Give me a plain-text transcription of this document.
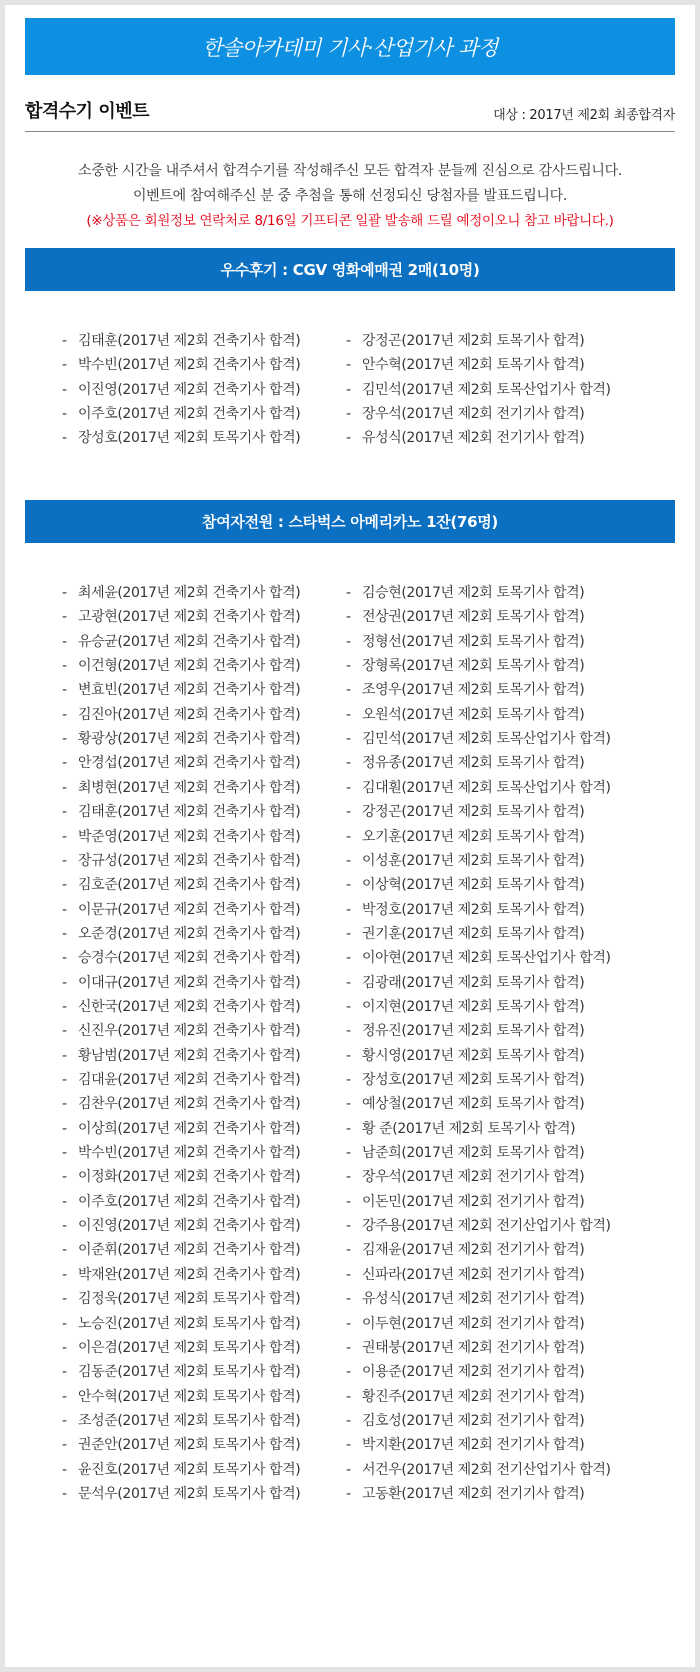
한솔아카데미 기사·산업기사 과정
합격수기 이벤트	대상 : 2017년 제2회 최종합격자
소중한 시간을 내주셔서 합격수기를 작성해주신 모든 합격자 분들께 진심으로 감사드립니다.
이벤트에 참여해주신 분 중 추첨을 통해 선정되신 당첨자를 발표드립니다.
(※상품은 회원정보 연락처로 8/16일 기프티콘 일괄 발송해 드릴 예정이오니 참고 바랍니다.)
우수후기 : CGV 영화예매권 2매(10명)
- 김태훈(2017년 제2회 건축기사 합격)
- 박수빈(2017년 제2회 건축기사 합격)
- 이진영(2017년 제2회 건축기사 합격)
- 이주호(2017년 제2회 건축기사 합격)
- 장성호(2017년 제2회 토목기사 합격)
- 강정곤(2017년 제2회 토목기사 합격)
- 안수혁(2017년 제2회 토목기사 합격)
- 김민석(2017년 제2회 토목산업기사 합격)
- 장우석(2017년 제2회 전기기사 합격)
- 유성식(2017년 제2회 전기기사 합격)
참여자전원 : 스타벅스 아메리카노 1잔(76명)
- 최세윤(2017년 제2회 건축기사 합격)
- 고광현(2017년 제2회 건축기사 합격)
- 유승균(2017년 제2회 건축기사 합격)
- 이건형(2017년 제2회 건축기사 합격)
- 변효빈(2017년 제2회 건축기사 합격)
- 김진아(2017년 제2회 건축기사 합격)
- 황광상(2017년 제2회 건축기사 합격)
- 안경섭(2017년 제2회 건축기사 합격)
- 최병현(2017년 제2회 건축기사 합격)
- 김태훈(2017년 제2회 건축기사 합격)
- 박준영(2017년 제2회 건축기사 합격)
- 장규성(2017년 제2회 건축기사 합격)
- 김호준(2017년 제2회 건축기사 합격)
- 이문규(2017년 제2회 건축기사 합격)
- 오준경(2017년 제2회 건축기사 합격)
- 승경수(2017년 제2회 건축기사 합격)
- 이대규(2017년 제2회 건축기사 합격)
- 신한국(2017년 제2회 건축기사 합격)
- 신진우(2017년 제2회 건축기사 합격)
- 황남범(2017년 제2회 건축기사 합격)
- 김대윤(2017년 제2회 건축기사 합격)
- 김찬우(2017년 제2회 건축기사 합격)
- 이상희(2017년 제2회 건축기사 합격)
- 박수빈(2017년 제2회 건축기사 합격)
- 이정화(2017년 제2회 건축기사 합격)
- 이주호(2017년 제2회 건축기사 합격)
- 이진영(2017년 제2회 건축기사 합격)
- 이준휘(2017년 제2회 건축기사 합격)
- 박재완(2017년 제2회 건축기사 합격)
- 김정욱(2017년 제2회 토목기사 합격)
- 노승진(2017년 제2회 토목기사 합격)
- 이은겸(2017년 제2회 토목기사 합격)
- 김동준(2017년 제2회 토목기사 합격)
- 안수혁(2017년 제2회 토목기사 합격)
- 조성준(2017년 제2회 토목기사 합격)
- 권준안(2017년 제2회 토목기사 합격)
- 윤진호(2017년 제2회 토목기사 합격)
- 문석우(2017년 제2회 토목기사 합격)
- 김승현(2017년 제2회 토목기사 합격)
- 전상권(2017년 제2회 토목기사 합격)
- 정형선(2017년 제2회 토목기사 합격)
- 장형록(2017년 제2회 토목기사 합격)
- 조영우(2017년 제2회 토목기사 합격)
- 오원석(2017년 제2회 토목기사 합격)
- 김민석(2017년 제2회 토목산업기사 합격)
- 정유종(2017년 제2회 토목기사 합격)
- 김대훤(2017년 제2회 토목산업기사 합격)
- 강정곤(2017년 제2회 토목기사 합격)
- 오기훈(2017년 제2회 토목기사 합격)
- 이성훈(2017년 제2회 토목기사 합격)
- 이상혁(2017년 제2회 토목기사 합격)
- 박정호(2017년 제2회 토목기사 합격)
- 권기훈(2017년 제2회 토목기사 합격)
- 이아현(2017년 제2회 토목산업기사 합격)
- 김광래(2017년 제2회 토목기사 합격)
- 이지현(2017년 제2회 토목기사 합격)
- 정유진(2017년 제2회 토목기사 합격)
- 황시영(2017년 제2회 토목기사 합격)
- 장성호(2017년 제2회 토목기사 합격)
- 예상철(2017년 제2회 토목기사 합격)
- 황 준(2017년 제2회 토목기사 합격)
- 남준희(2017년 제2회 토목기사 합격)
- 장우석(2017년 제2회 전기기사 합격)
- 이돈민(2017년 제2회 전기기사 합격)
- 강주용(2017년 제2회 전기산업기사 합격)
- 김재윤(2017년 제2회 전기기사 합격)
- 신파라(2017년 제2회 전기기사 합격)
- 유성식(2017년 제2회 전기기사 합격)
- 이두현(2017년 제2회 전기기사 합격)
- 권태붕(2017년 제2회 전기기사 합격)
- 이용준(2017년 제2회 전기기사 합격)
- 황진주(2017년 제2회 전기기사 합격)
- 김호성(2017년 제2회 전기기사 합격)
- 박지환(2017년 제2회 전기기사 합격)
- 서건우(2017년 제2회 전기산업기사 합격)
- 고동환(2017년 제2회 전기기사 합격)
